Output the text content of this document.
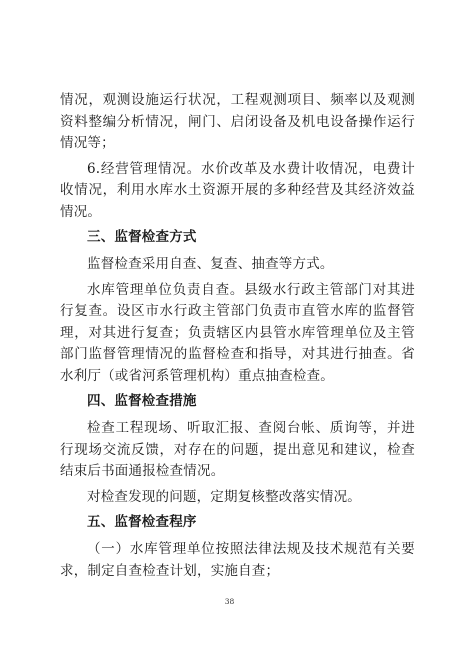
情况，观测设施运行状况，工程观测项目、频率以及观测资料整编分析情况，闸门、启闭设备及机电设备操作运行情况等；

6.经营管理情况。水价改革及水费计收情况，电费计收情况，利用水库水土资源开展的多种经营及其经济效益情况。

三、监督检查方式

监督检查采用自查、复查、抽查等方式。

水库管理单位负责自查。县级水行政主管部门对其进行复查。设区市水行政主管部门负责市直管水库的监督管理，对其进行复查；负责辖区内县管水库管理单位及主管部门监督管理情况的监督检查和指导，对其进行抽查。省水利厅（或省河系管理机构）重点抽查检查。

四、监督检查措施

检查工程现场、听取汇报、查阅台帐、质询等，并进行现场交流反馈，对存在的问题，提出意见和建议，检查结束后书面通报检查情况。

对检查发现的问题，定期复核整改落实情况。

五、监督检查程序

（一）水库管理单位按照法律法规及技术规范有关要求，制定自查检查计划，实施自查；

38
